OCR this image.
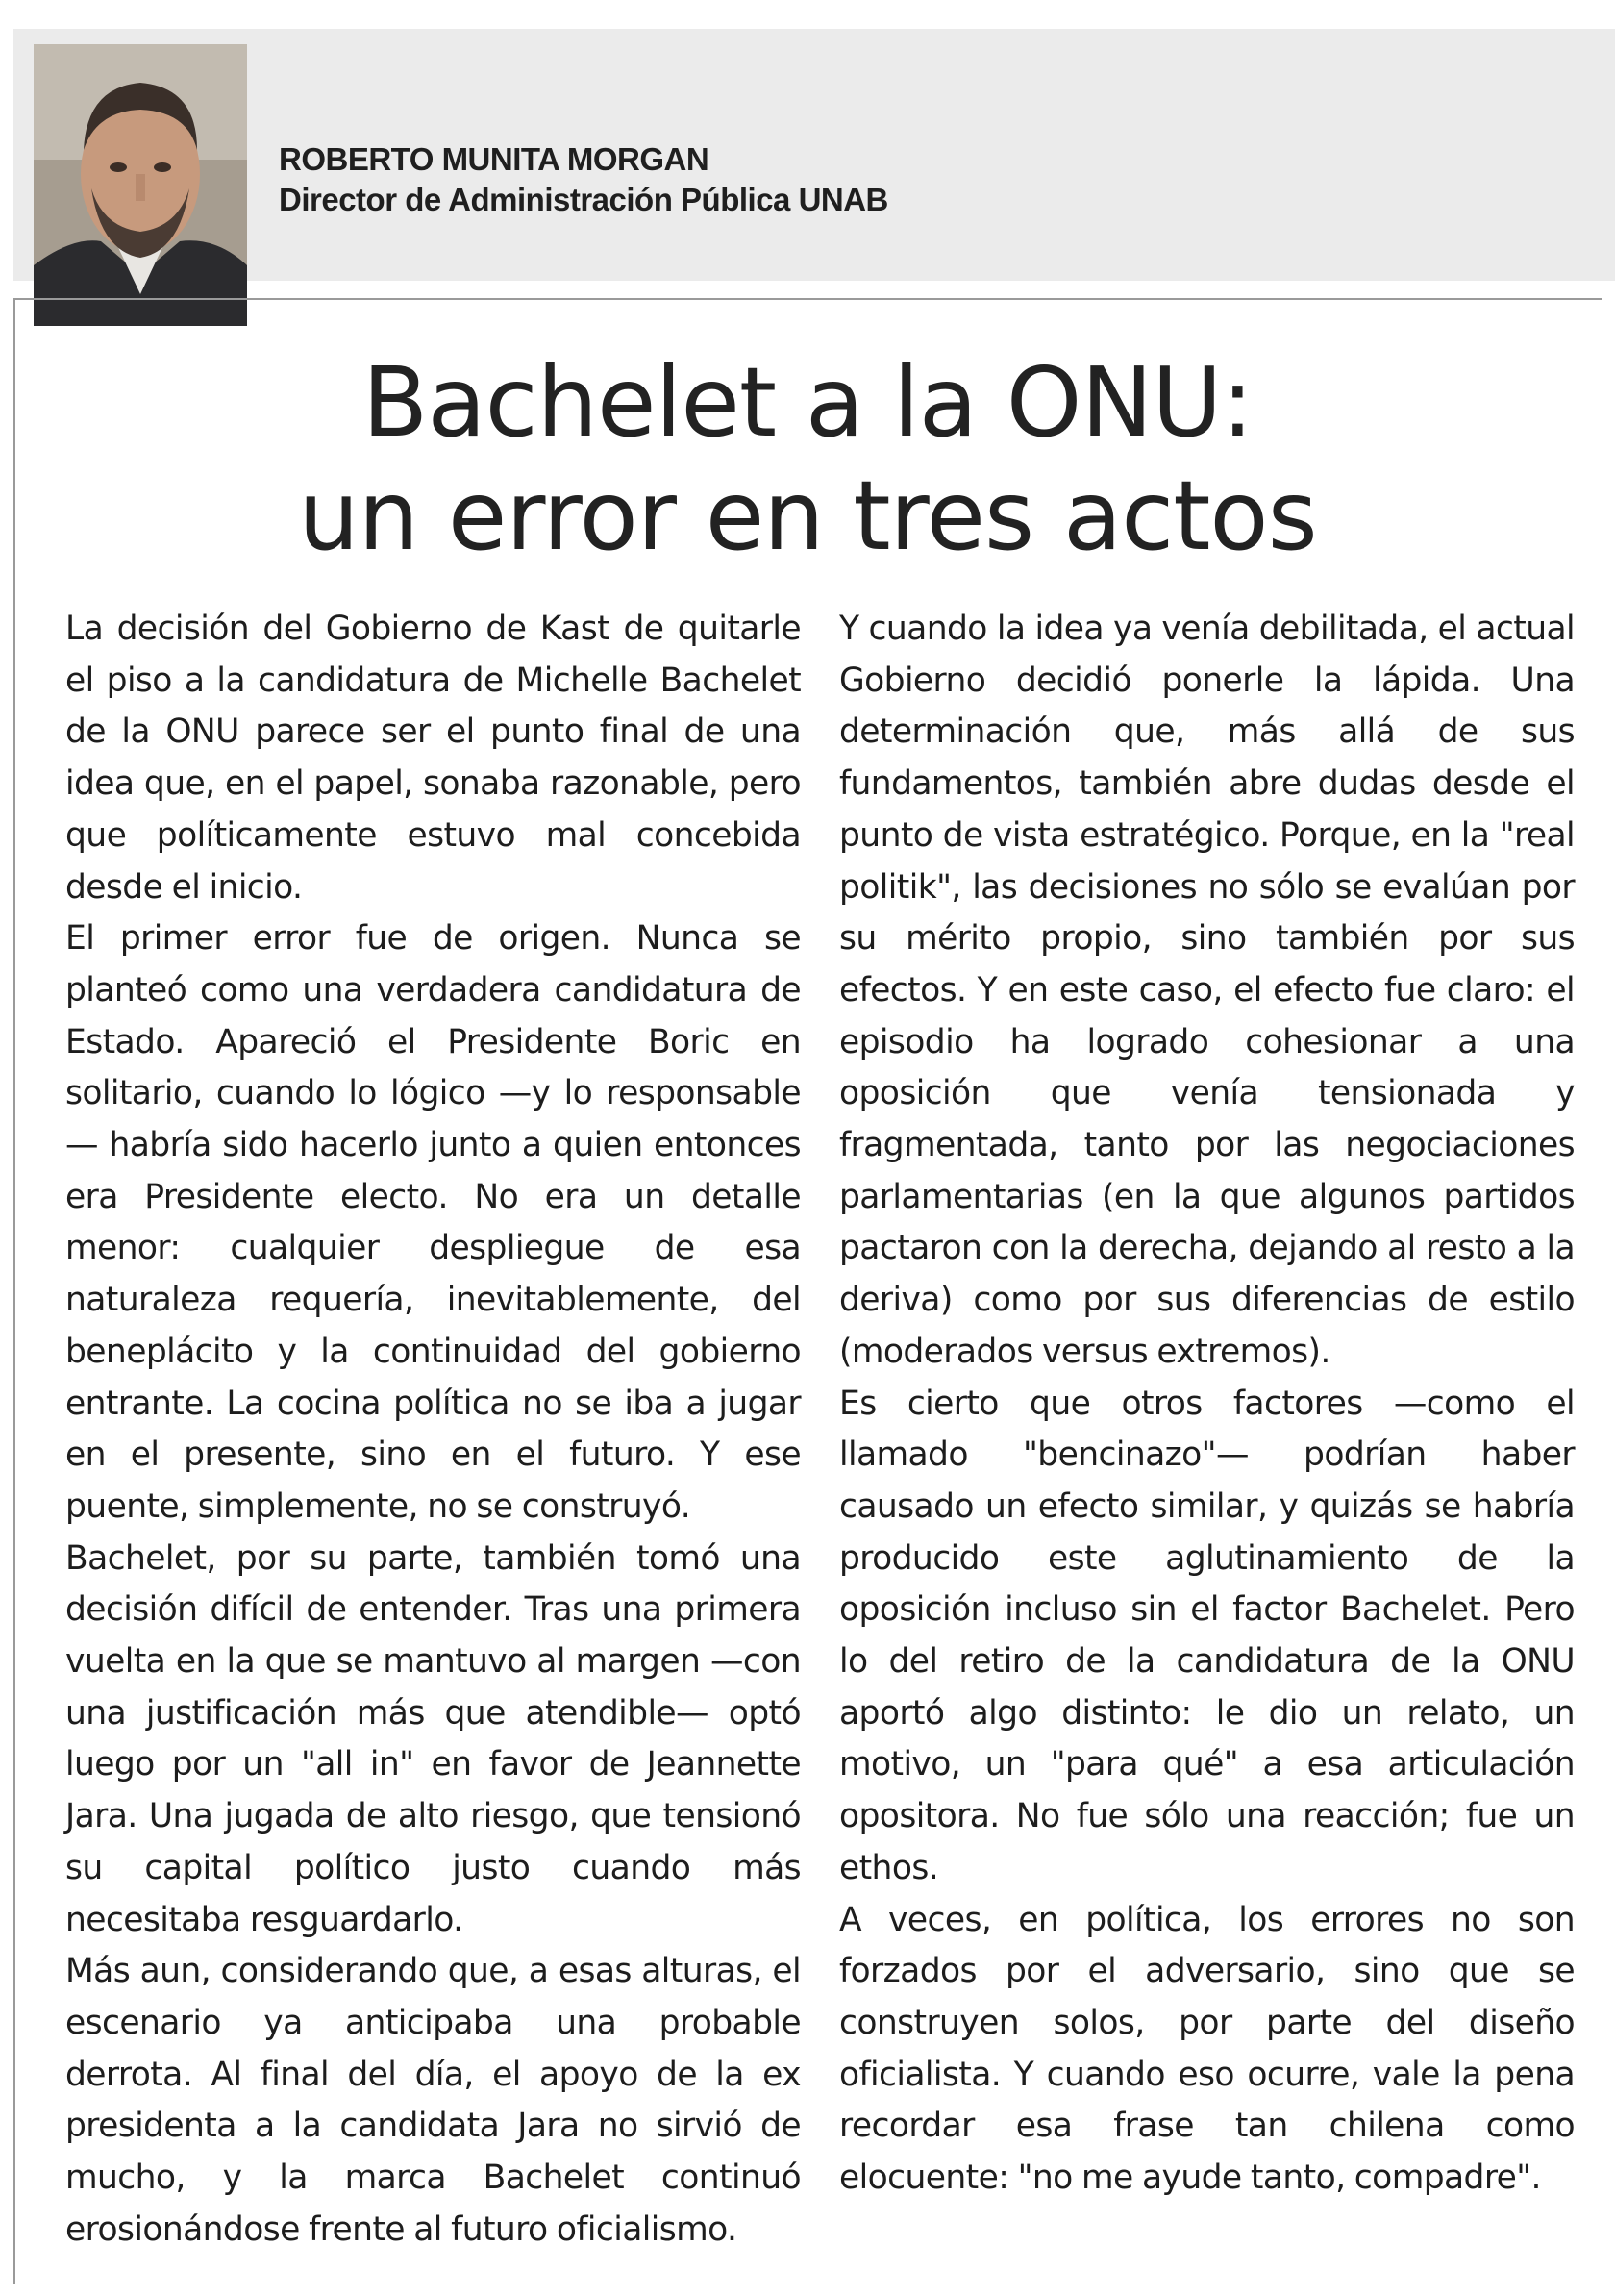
ROBERTO MUNITA MORGAN
Director de Administración Pública UNAB
Bachelet a la ONU:
un error en tres actos

La decisión del Gobierno de Kast de quitarle el piso a la candidatura de Michelle Bachelet de la ONU parece ser el punto final de una idea que, en el papel, sonaba razonable, pero que políticamente estuvo mal concebida desde el inicio.

El primer error fue de origen. Nunca se planteó como una verdadera candidatura de Estado. Apareció el Presidente Boric en solitario, cuando lo lógico —y lo responsable— habría sido hacerlo junto a quien entonces era Presidente electo. No era un detalle menor: cualquier despliegue de esa naturaleza requería, inevitablemente, del beneplácito y la continuidad del gobierno entrante. La cocina política no se iba a jugar en el presente, sino en el futuro. Y ese puente, simplemente, no se construyó.

Bachelet, por su parte, también tomó una decisión difícil de entender. Tras una primera vuelta en la que se mantuvo al margen —con una justificación más que atendible— optó luego por un "all in" en favor de Jeannette Jara. Una jugada de alto riesgo, que tensionó su capital político justo cuando más necesitaba resguardarlo.

Más aun, considerando que, a esas alturas, el escenario ya anticipaba una probable derrota. Al final del día, el apoyo de la ex presidenta a la candidata Jara no sirvió de mucho, y la marca Bachelet continuó erosionándose frente al futuro oficialismo.

Y cuando la idea ya venía debilitada, el actual Gobierno decidió ponerle la lápida. Una determinación que, más allá de sus fundamentos, también abre dudas desde el punto de vista estratégico. Porque, en la "real politik", las decisiones no sólo se evalúan por su mérito propio, sino también por sus efectos. Y en este caso, el efecto fue claro: el episodio ha logrado cohesionar a una oposición que venía tensionada y fragmentada, tanto por las negociaciones parlamentarias (en la que algunos partidos pactaron con la derecha, dejando al resto a la deriva) como por sus diferencias de estilo (moderados versus extremos).

Es cierto que otros factores —como el llamado "bencinazo"— podrían haber causado un efecto similar, y quizás se habría producido este aglutinamiento de la oposición incluso sin el factor Bachelet. Pero lo del retiro de la candidatura de la ONU aportó algo distinto: le dio un relato, un motivo, un "para qué" a esa articulación opositora. No fue sólo una reacción; fue un ethos.

A veces, en política, los errores no son forzados por el adversario, sino que se construyen solos, por parte del diseño oficialista. Y cuando eso ocurre, vale la pena recordar esa frase tan chilena como elocuente: "no me ayude tanto, compadre".
